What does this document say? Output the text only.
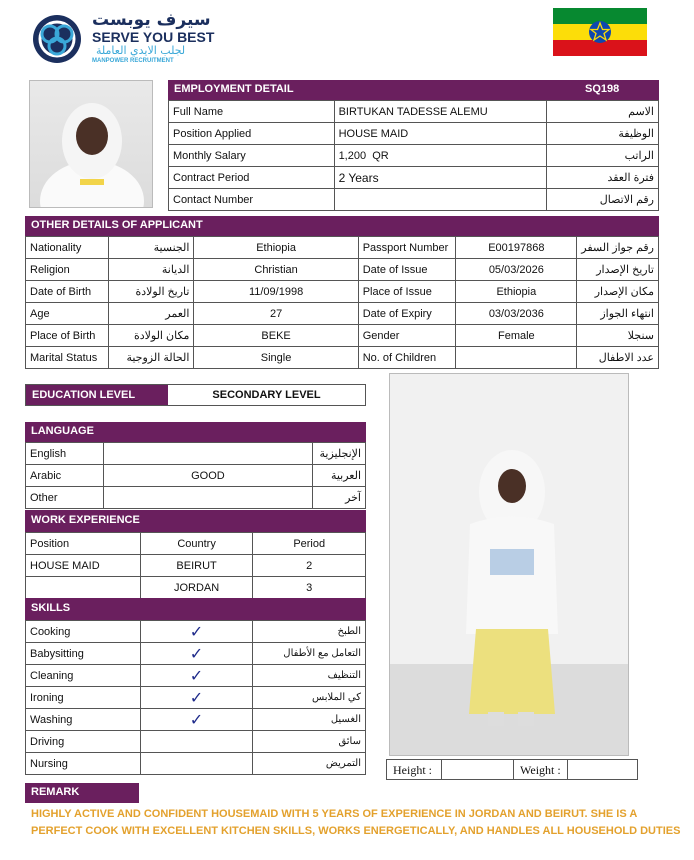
سيرف يوبست
SERVE YOU BEST
لجلب الايدي العاملة
MANPOWER RECRUITMENT
EMPLOYMENT DETAIL	SQ198
Full Name	BIRTUKAN TADESSE ALEMU	الاسم
Position Applied	HOUSE MAID	الوظيفة
Monthly Salary	1,200  QR	الراتب
Contract Period	2 Years	فترة العقد
Contact Number		رقم الاتصال
OTHER DETAILS OF APPLICANT
Nationality	الجنسية	Ethiopia	Passport Number	E00197868	رقم جواز السفر
Religion	الديانة	Christian	Date of Issue	05/03/2026	تاريخ الإصدار
Date of Birth	تاريخ الولادة	11/09/1998	Place of Issue	Ethiopia	مكان الإصدار
Age	العمر	27	Date of Expiry	03/03/2036	انتهاء الجواز
Place of Birth	مكان الولادة	BEKE	Gender	Female	سنجلا
Marital Status	الحالة الزوجية	Single	No. of Children		عدد الاطفال
EDUCATION LEVEL	SECONDARY LEVEL
LANGUAGE
English		الإنجليزية
Arabic	GOOD	العربية
Other		آخر
WORK EXPERIENCE
Position	Country	Period
HOUSE MAID	BEIRUT	2
	JORDAN	3
SKILLS
Cooking	✓	الطبخ
Babysitting	✓	التعامل مع الأطفال
Cleaning	✓	التنظيف
Ironing	✓	كي الملابس
Washing	✓	الغسيل
Driving		سائق
Nursing		التمريض	Height :	Weight :
REMARK
HIGHLY ACTIVE AND CONFIDENT HOUSEMAID WITH 5 YEARS OF EXPERIENCE IN JORDAN AND BEIRUT. SHE IS A
PERFECT COOK WITH EXCELLENT KITCHEN SKILLS, WORKS ENERGETICALLY, AND HANDLES ALL HOUSEHOLD DUTIES
